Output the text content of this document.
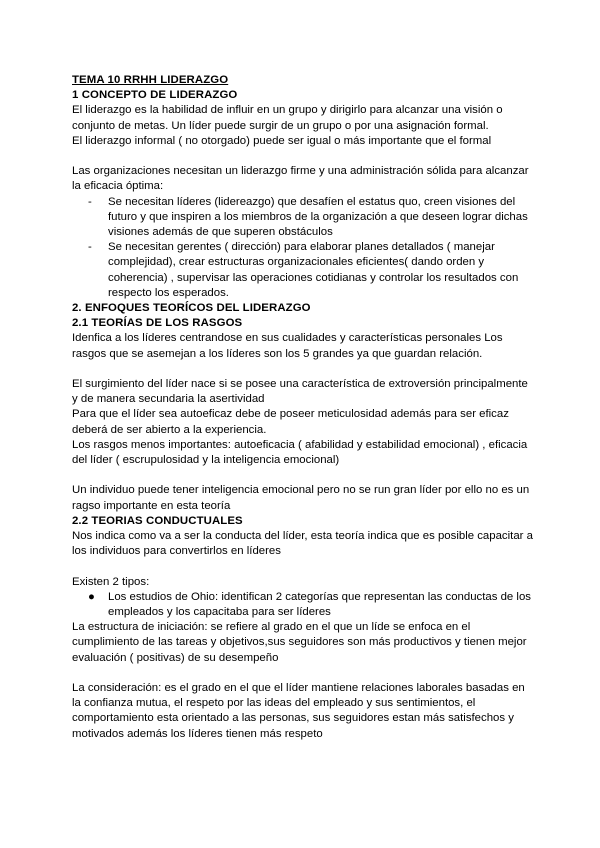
TEMA 10 RRHH LIDERAZGO

1 CONCEPTO DE LIDERAZGO

El liderazgo es la habilidad de influir en un grupo y dirigirlo para alcanzar una visión o conjunto de metas. Un líder puede surgir de un grupo o por una asignación formal.

El liderazgo informal ( no otorgado) puede ser igual o más importante que el formal

Las organizaciones necesitan un liderazgo firme y una administración sólida para alcanzar la eficacia óptima:

-	Se necesitan líderes (lidereazgo) que desafíen el estatus quo, creen visiones del futuro y que inspiren a los miembros de la organización a que deseen lograr dichas visiones además de que superen obstáculos
-	Se necesitan gerentes ( dirección) para elaborar planes detallados ( manejar complejidad), crear estructuras organizacionales eficientes( dando orden y coherencia) , supervisar las operaciones cotidianas y controlar los resultados con respecto los esperados.

2. ENFOQUES TEORÍCOS DEL LIDERAZGO

2.1 TEORÍAS DE LOS RASGOS

Idenfica a los líderes centrandose en sus cualidades y características personales Los rasgos que se asemejan a los líderes son los 5 grandes ya que guardan relación.

El surgimiento del líder nace si se posee una característica de extroversión principalmente y de manera secundaria la asertividad

Para que el líder sea autoeficaz debe de poseer meticulosidad además para ser eficaz deberá de ser abierto a la experiencia.

Los rasgos menos importantes: autoeficacia ( afabilidad y estabilidad emocional) , eficacia del líder ( escrupulosidad y la inteligencia emocional)

Un individuo puede tener inteligencia emocional pero no se run gran líder por ello no es un ragso importante en esta teoría

2.2 TEORIAS CONDUCTUALES

Nos indica como va a ser la conducta del líder, esta teoría indica que es posible capacitar a los individuos para convertirlos en líderes

Existen 2 tipos:

●	Los estudios de Ohio: identifican 2 categorías que representan las conductas de los empleados y los capacitaba para ser líderes

La estructura de iniciación: se refiere al grado en el que un líde se enfoca en el cumplimiento de las tareas y objetivos,sus seguidores son más productivos y tienen mejor evaluación ( positivas) de su desempeño

La consideración: es el grado en el que el líder mantiene relaciones laborales basadas en la confianza mutua, el respeto por las ideas del empleado y sus sentimientos, el comportamiento esta orientado a las personas, sus seguidores estan más satisfechos y motivados además los líderes tienen más respeto
